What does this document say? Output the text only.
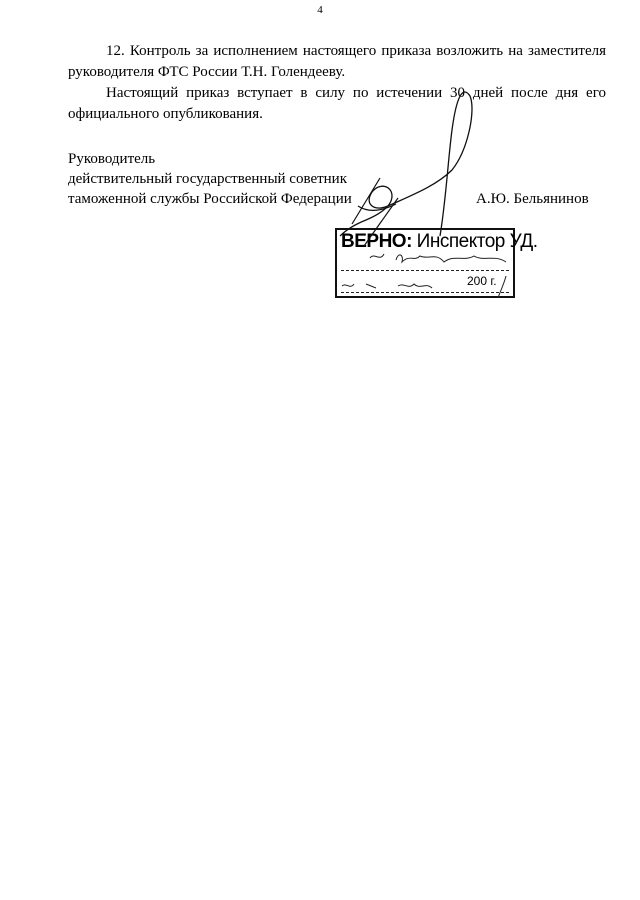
4

12. Контроль за исполнением настоящего приказа возложить на заместителя руководителя ФТС России Т.Н. Голендееву.

Настоящий приказ вступает в силу по истечении 30 дней после дня его официального опубликования.

Руководитель
действительный государственный советник
таможенной службы Российской Федерации	А.Ю. Бельянинов
ВЕРНО: Инспектор УД.
200 г.
